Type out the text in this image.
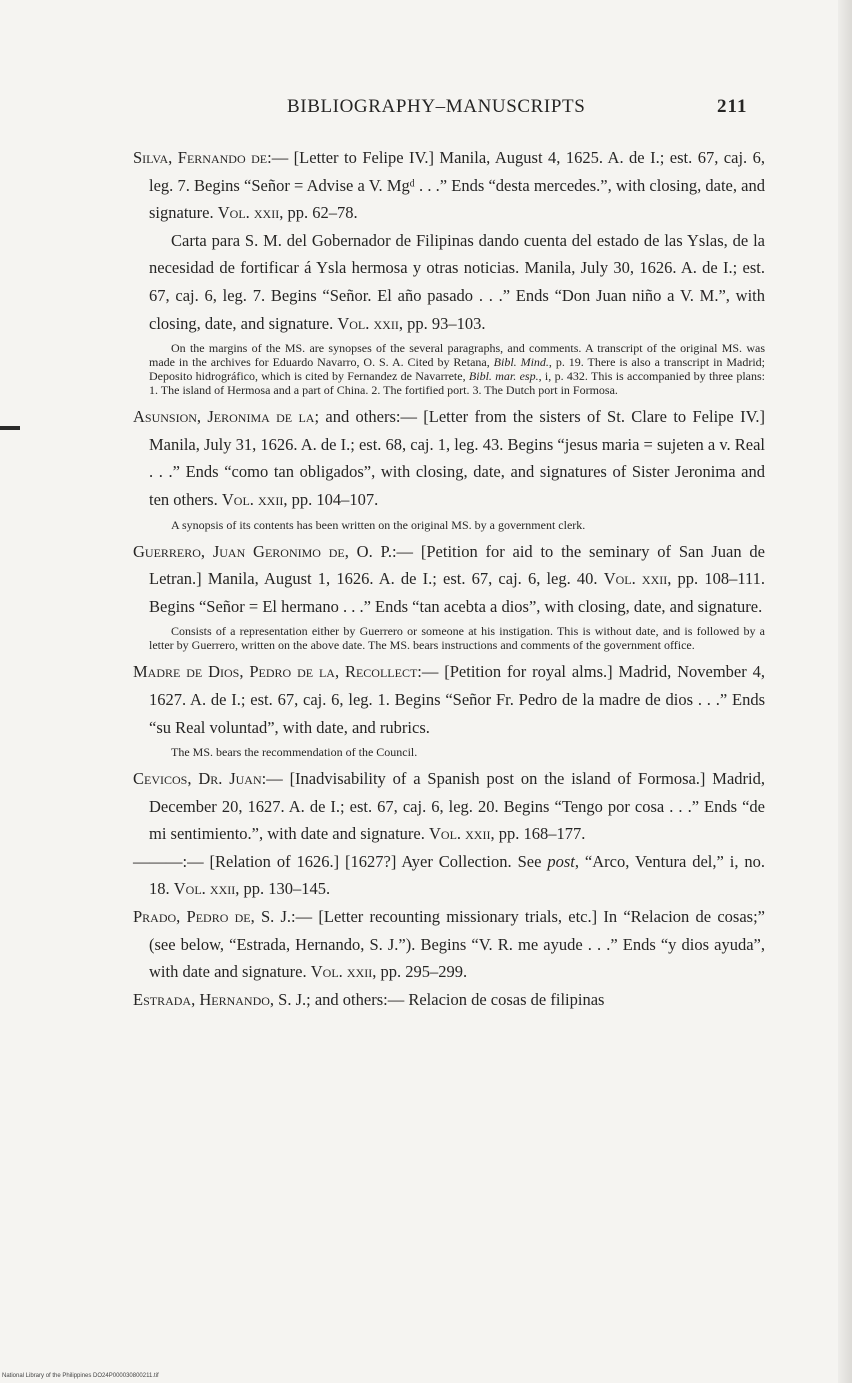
BIBLIOGRAPHY–MANUSCRIPTS	211

Silva, Fernando de:— [Letter to Felipe IV.] Manila, August 4, 1625. A. de I.; est. 67, caj. 6, leg. 7. Begins “Señor = Advise a V. Mgᵈ . . .” Ends “desta mercedes.”, with closing, date, and signature. Vol. xxii, pp. 62–78.

Carta para S. M. del Gobernador de Filipinas dando cuenta del estado de las Yslas, de la necesidad de fortificar á Ysla hermosa y otras noticias. Manila, July 30, 1626. A. de I.; est. 67, caj. 6, leg. 7. Begins “Señor. El año pasado . . .” Ends “Don Juan niño a V. M.”, with closing, date, and signature. Vol. xxii, pp. 93–103.

On the margins of the MS. are synopses of the several paragraphs, and comments. A transcript of the original MS. was made in the archives for Eduardo Navarro, O. S. A. Cited by Retana, Bibl. Mind., p. 19. There is also a transcript in Madrid; Deposito hidrográfico, which is cited by Fernandez de Navarrete, Bibl. mar. esp., i, p. 432. This is accompanied by three plans: 1. The island of Hermosa and a part of China. 2. The fortified port. 3. The Dutch port in Formosa.

Asunsion, Jeronima de la; and others:— [Letter from the sisters of St. Clare to Felipe IV.] Manila, July 31, 1626. A. de I.; est. 68, caj. 1, leg. 43. Begins “jesus maria = sujeten a v. Real . . .” Ends “como tan obligados”, with closing, date, and signatures of Sister Jeronima and ten others. Vol. xxii, pp. 104–107.

A synopsis of its contents has been written on the original MS. by a government clerk.

Guerrero, Juan Geronimo de, O. P.:— [Petition for aid to the seminary of San Juan de Letran.] Manila, August 1, 1626. A. de I.; est. 67, caj. 6, leg. 40. Vol. xxii, pp. 108–111. Begins “Señor = El hermano . . .” Ends “tan acebta a dios”, with closing, date, and signature.

Consists of a representation either by Guerrero or someone at his instigation. This is without date, and is followed by a letter by Guerrero, written on the above date. The MS. bears instructions and comments of the government office.

Madre de Dios, Pedro de la, Recollect:— [Petition for royal alms.] Madrid, November 4, 1627. A. de I.; est. 67, caj. 6, leg. 1. Begins “Señor Fr. Pedro de la madre de dios . . .” Ends “su Real voluntad”, with date, and rubrics.

The MS. bears the recommendation of the Council.

Cevicos, Dr. Juan:— [Inadvisability of a Spanish post on the island of Formosa.] Madrid, December 20, 1627. A. de I.; est. 67, caj. 6, leg. 20. Begins “Tengo por cosa . . .” Ends “de mi sentimiento.”, with date and signature. Vol. xxii, pp. 168–177.

———:— [Relation of 1626.] [1627?] Ayer Collection. See post, “Arco, Ventura del,” i, no. 18. Vol. xxii, pp. 130–145.

Prado, Pedro de, S. J.:— [Letter recounting missionary trials, etc.] In “Relacion de cosas;” (see below, “Estrada, Hernando, S. J.”). Begins “V. R. me ayude . . .” Ends “y dios ayuda”, with date and signature. Vol. xxii, pp. 295–299.

Estrada, Hernando, S. J.; and others:— Relacion de cosas de filipinas

National Library of the Philippines DO24P000030800211.tif
